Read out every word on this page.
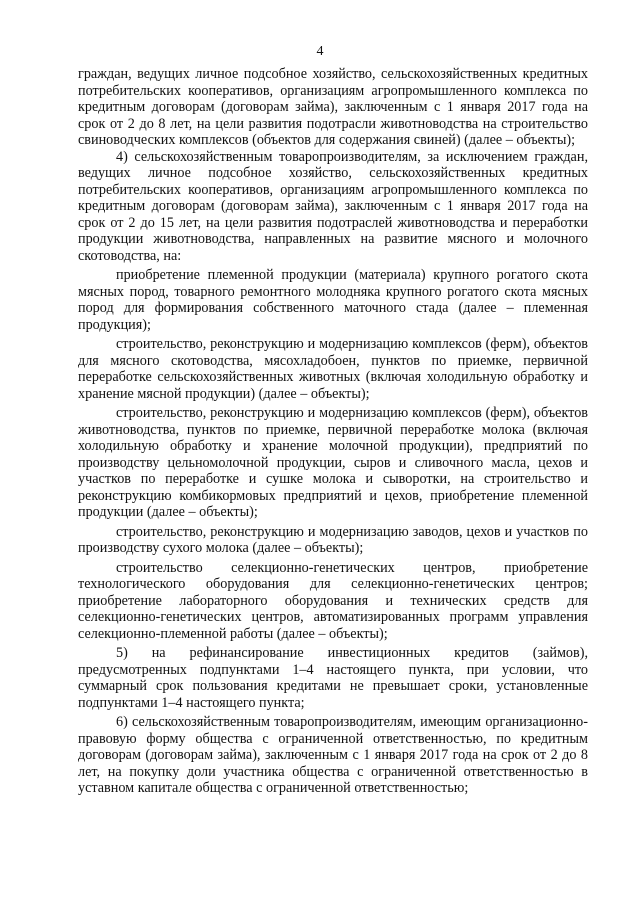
4

граждан, ведущих личное подсобное хозяйство, сельскохозяйственных кредитных потребительских кооперативов, организациям агропромышленного комплекса по кредитным договорам (договорам займа), заключенным с 1 января 2017 года на срок от 2 до 8 лет, на цели развития подотрасли животноводства на строительство свиноводческих комплексов (объектов для содержания свиней) (далее – объекты);

4) сельскохозяйственным товаропроизводителям, за исключением граждан, ведущих личное подсобное хозяйство, сельскохозяйственных кредитных потребительских кооперативов, организациям агропромышленного комплекса по кредитным договорам (договорам займа), заключенным с 1 января 2017 года на срок от 2 до 15 лет, на цели развития подотраслей животноводства и переработки продукции животноводства, направленных на развитие мясного и молочного скотоводства, на:

приобретение племенной продукции (материала) крупного рогатого скота мясных пород, товарного ремонтного молодняка крупного рогатого скота мясных пород для формирования собственного маточного стада (далее – племенная продукция);

строительство, реконструкцию и модернизацию комплексов (ферм), объектов для мясного скотоводства, мясохладобоен, пунктов по приемке, первичной переработке сельскохозяйственных животных (включая холодильную обработку и хранение мясной продукции) (далее – объекты);

строительство, реконструкцию и модернизацию комплексов (ферм), объектов животноводства, пунктов по приемке, первичной переработке молока (включая холодильную обработку и хранение молочной продукции), предприятий по производству цельномолочной продукции, сыров и сливочного масла, цехов и участков по переработке и сушке молока и сыворотки, на строительство и реконструкцию комбикормовых предприятий и цехов, приобретение племенной продукции (далее – объекты);

строительство, реконструкцию и модернизацию заводов, цехов и участков по производству сухого молока (далее – объекты);

строительство селекционно-генетических центров, приобретение технологического оборудования для селекционно-генетических центров; приобретение лабораторного оборудования и технических средств для селекционно-генетических центров, автоматизированных программ управления селекционно-племенной работы (далее – объекты);

5) на рефинансирование инвестиционных кредитов (займов), предусмотренных подпунктами 1–4 настоящего пункта, при условии, что суммарный срок пользования кредитами не превышает сроки, установленные подпунктами 1–4 настоящего пункта;

6) сельскохозяйственным товаропроизводителям, имеющим организационно-правовую форму общества с ограниченной ответственностью, по кредитным договорам (договорам займа), заключенным с 1 января 2017 года на срок от 2 до 8 лет, на покупку доли участника общества с ограниченной ответственностью в уставном капитале общества с ограниченной ответственностью;
